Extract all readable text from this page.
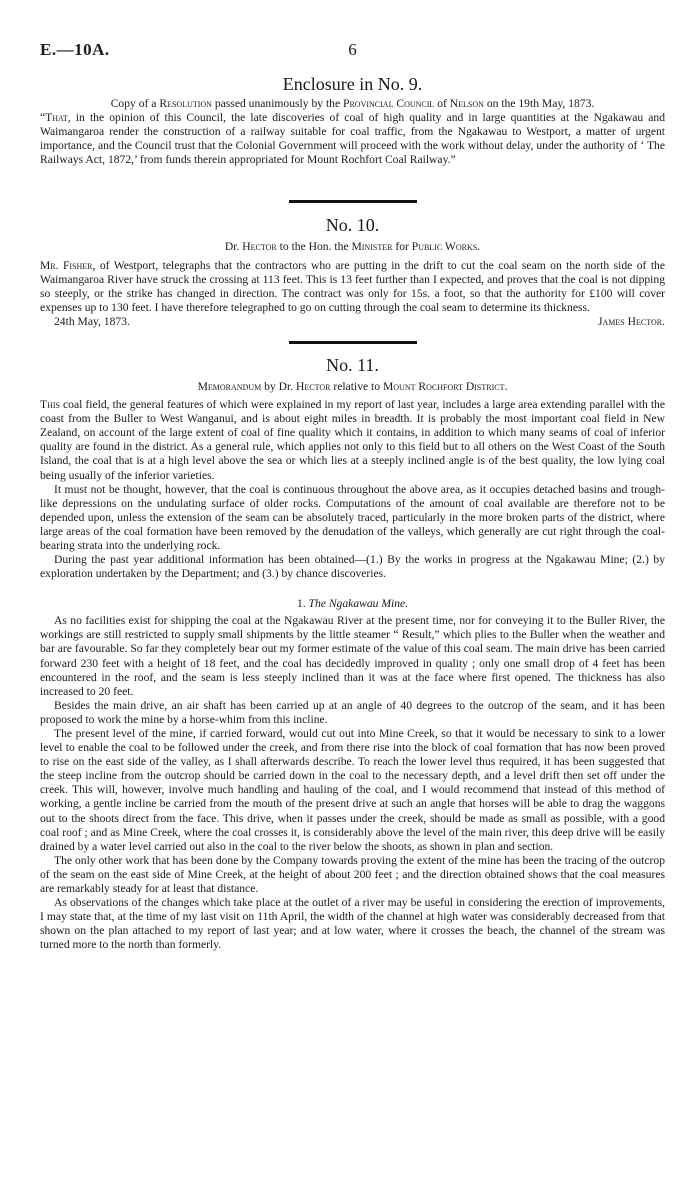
E.—10A.	6
Enclosure in No. 9.

Copy of a Resolution passed unanimously by the Provincial Council of Nelson on the 19th May, 1873.

“That, in the opinion of this Council, the late discoveries of coal of high quality and in large quantities at the Ngakawau and Waimangaroa render the construction of a railway suitable for coal traffic, from the Ngakawau to Westport, a matter of urgent importance, and the Council trust that the Colonial Government will proceed with the work without delay, under the authority of ‘ The Railways Act, 1872,’ from funds therein appropriated for Mount Rochfort Coal Railway.”

No. 10.

Dr. Hector to the Hon. the Minister for Public Works.

Mr. Fisher, of Westport, telegraphs that the contractors who are putting in the drift to cut the coal seam on the north side of the Waimangaroa River have struck the crossing at 113 feet. This is 13 feet further than I expected, and proves that the coal is not dipping so steeply, or the strike has changed in direction. The contract was only for 15s. a foot, so that the authority for £100 will cover expenses up to 130 feet. I have therefore telegraphed to go on cutting through the coal seam to determine its thickness.

24th May, 1873.	James Hector.
No. 11.

Memorandum by Dr. Hector relative to Mount Rochfort District.

This coal field, the general features of which were explained in my report of last year, includes a large area extending parallel with the coast from the Buller to West Wanganui, and is about eight miles in breadth. It is probably the most important coal field in New Zealand, on account of the large extent of coal of fine quality which it contains, in addition to which many seams of coal of inferior quality are found in the district. As a general rule, which applies not only to this field but to all others on the West Coast of the South Island, the coal that is at a high level above the sea or which lies at a steeply inclined angle is of the best quality, the low lying coal being usually of the inferior varieties.

It must not be thought, however, that the coal is continuous throughout the above area, as it occupies detached basins and trough-like depressions on the undulating surface of older rocks. Computations of the amount of coal available are therefore not to be depended upon, unless the extension of the seam can be absolutely traced, particularly in the more broken parts of the district, where large areas of the coal formation have been removed by the denudation of the valleys, which generally are cut right through the coal-bearing strata into the underlying rock.

During the past year additional information has been obtained—(1.) By the works in progress at the Ngakawau Mine; (2.) by exploration undertaken by the Department; and (3.) by chance discoveries.

1. The Ngakawau Mine.

As no facilities exist for shipping the coal at the Ngakawau River at the present time, nor for conveying it to the Buller River, the workings are still restricted to supply small shipments by the little steamer “ Result,” which plies to the Buller when the weather and bar are favourable. So far they completely bear out my former estimate of the value of this coal seam. The main drive has been carried forward 230 feet with a height of 18 feet, and the coal has decidedly improved in quality ; only one small drop of 4 feet has been encountered in the roof, and the seam is less steeply inclined than it was at the face where first opened. The thickness has also increased to 20 feet.

Besides the main drive, an air shaft has been carried up at an angle of 40 degrees to the outcrop of the seam, and it has been proposed to work the mine by a horse-whim from this incline.

The present level of the mine, if carried forward, would cut out into Mine Creek, so that it would be necessary to sink to a lower level to enable the coal to be followed under the creek, and from there rise into the block of coal formation that has now been proved to rise on the east side of the valley, as I shall afterwards describe. To reach the lower level thus required, it has been suggested that the steep incline from the outcrop should be carried down in the coal to the necessary depth, and a level drift then set off under the creek. This will, however, involve much handling and hauling of the coal, and I would recommend that instead of this method of working, a gentle incline be carried from the mouth of the present drive at such an angle that horses will be able to drag the waggons out to the shoots direct from the face. This drive, when it passes under the creek, should be made as small as possible, with a good coal roof ; and as Mine Creek, where the coal crosses it, is considerably above the level of the main river, this deep drive will be easily drained by a water level carried out also in the coal to the river below the shoots, as shown in plan and section.

The only other work that has been done by the Company towards proving the extent of the mine has been the tracing of the outcrop of the seam on the east side of Mine Creek, at the height of about 200 feet ; and the direction obtained shows that the coal measures are remarkably steady for at least that distance.

As observations of the changes which take place at the outlet of a river may be useful in considering the erection of improvements, I may state that, at the time of my last visit on 11th April, the width of the channel at high water was considerably decreased from that shown on the plan attached to my report of last year; and at low water, where it crosses the beach, the channel of the stream was turned more to the north than formerly.
